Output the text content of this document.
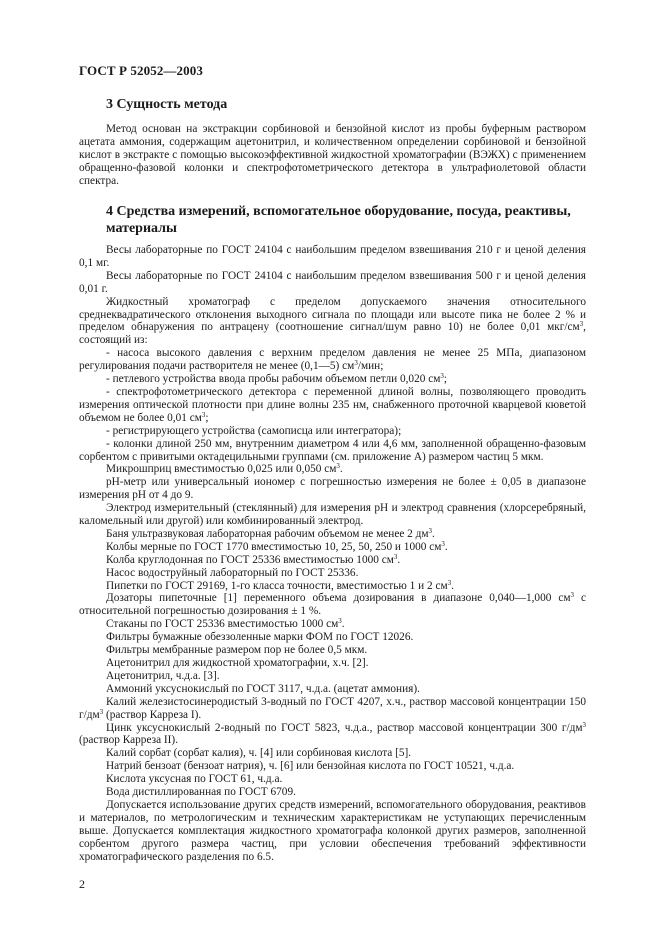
ГОСТ Р 52052—2003
3 Сущность метода

Метод основан на экстракции сорбиновой и бензойной кислот из пробы буферным раствором ацетата аммония, содержащим ацетонитрил, и количественном определении сорбиновой и бензойной кислот в экстракте с помощью высокоэффективной жидкостной хроматографии (ВЭЖХ) с применением обращенно-фазовой колонки и спектрофотометрического детектора в ультрафиолетовой области спектра.

4 Средства измерений, вспомогательное оборудование, посуда, реактивы, материалы

Весы лабораторные по ГОСТ 24104 с наибольшим пределом взвешивания 210 г и ценой деления 0,1 мг.

Весы лабораторные по ГОСТ 24104 с наибольшим пределом взвешивания 500 г и ценой деления 0,01 г.

Жидкостный хроматограф с пределом допускаемого значения относительного среднеквадратического отклонения выходного сигнала по площади или высоте пика не более 2 % и пределом обнаружения по антрацену (соотношение сигнал/шум равно 10) не более 0,01 мкг/$см^3$, состоящий из:

- насоса высокого давления с верхним пределом давления не менее 25 МПа, диапазоном регулирования подачи растворителя не менее (0,1—5) $см^3$/мин;

- петлевого устройства ввода пробы рабочим объемом петли 0,020 $см^3$;

- спектрофотометрического детектора с переменной длиной волны, позволяющего проводить измерения оптической плотности при длине волны 235 нм, снабженного проточной кварцевой кюветой объемом не более 0,01 $см^3$;

- регистрирующего устройства (самописца или интегратора);

- колонки длиной 250 мм, внутренним диаметром 4 или 4,6 мм, заполненной обращенно-фазовым сорбентом с привитыми октадецильными группами (см. приложение А) размером частиц 5 мкм.

Микрошприц вместимостью 0,025 или 0,050 $см^3$.

рН-метр или универсальный иономер с погрешностью измерения не более ± 0,05 в диапазоне измерения рН от 4 до 9.

Электрод измерительный (стеклянный) для измерения рН и электрод сравнения (хлорсеребряный, каломельный или другой) или комбинированный электрод.

Баня ультразвуковая лабораторная рабочим объемом не менее 2 $дм^3$.

Колбы мерные по ГОСТ 1770 вместимостью 10, 25, 50, 250 и 1000 $см^3$.

Колба круглодонная по ГОСТ 25336 вместимостью 1000 $см^3$.

Насос водоструйный лабораторный по ГОСТ 25336.

Пипетки по ГОСТ 29169, 1-го класса точности, вместимостью 1 и 2 $см^3$.

Дозаторы пипеточные [1] переменного объема дозирования в диапазоне 0,040—1,000 $см^3$ с относительной погрешностью дозирования ± 1 %.

Стаканы по ГОСТ 25336 вместимостью 1000 $см^3$.

Фильтры бумажные обеззоленные марки ФОМ по ГОСТ 12026.

Фильтры мембранные размером пор не более 0,5 мкм.

Ацетонитрил для жидкостной хроматографии, х.ч. [2].

Ацетонитрил, ч.д.а. [3].

Аммоний уксуснокислый по ГОСТ 3117, ч.д.а. (ацетат аммония).

Калий железистосинеродистый 3-водный по ГОСТ 4207, х.ч., раствор массовой концентрации 150 $г/дм^3$ (раствор Карреза I).

Цинк уксуснокислый 2-водный по ГОСТ 5823, ч.д.а., раствор массовой концентрации 300 $г/дм^3$ (раствор Карреза II).

Калий сорбат (сорбат калия), ч. [4] или сорбиновая кислота [5].

Натрий бензоат (бензоат натрия), ч. [6] или бензойная кислота по ГОСТ 10521, ч.д.а.

Кислота уксусная по ГОСТ 61, ч.д.а.

Вода дистиллированная по ГОСТ 6709.

Допускается использование других средств измерений, вспомогательного оборудования, реактивов и материалов, по метрологическим и техническим характеристикам не уступающих перечисленным выше. Допускается комплектация жидкостного хроматографа колонкой других размеров, заполненной сорбентом другого размера частиц, при условии обеспечения требований эффективности хроматографического разделения по 6.5.

2
